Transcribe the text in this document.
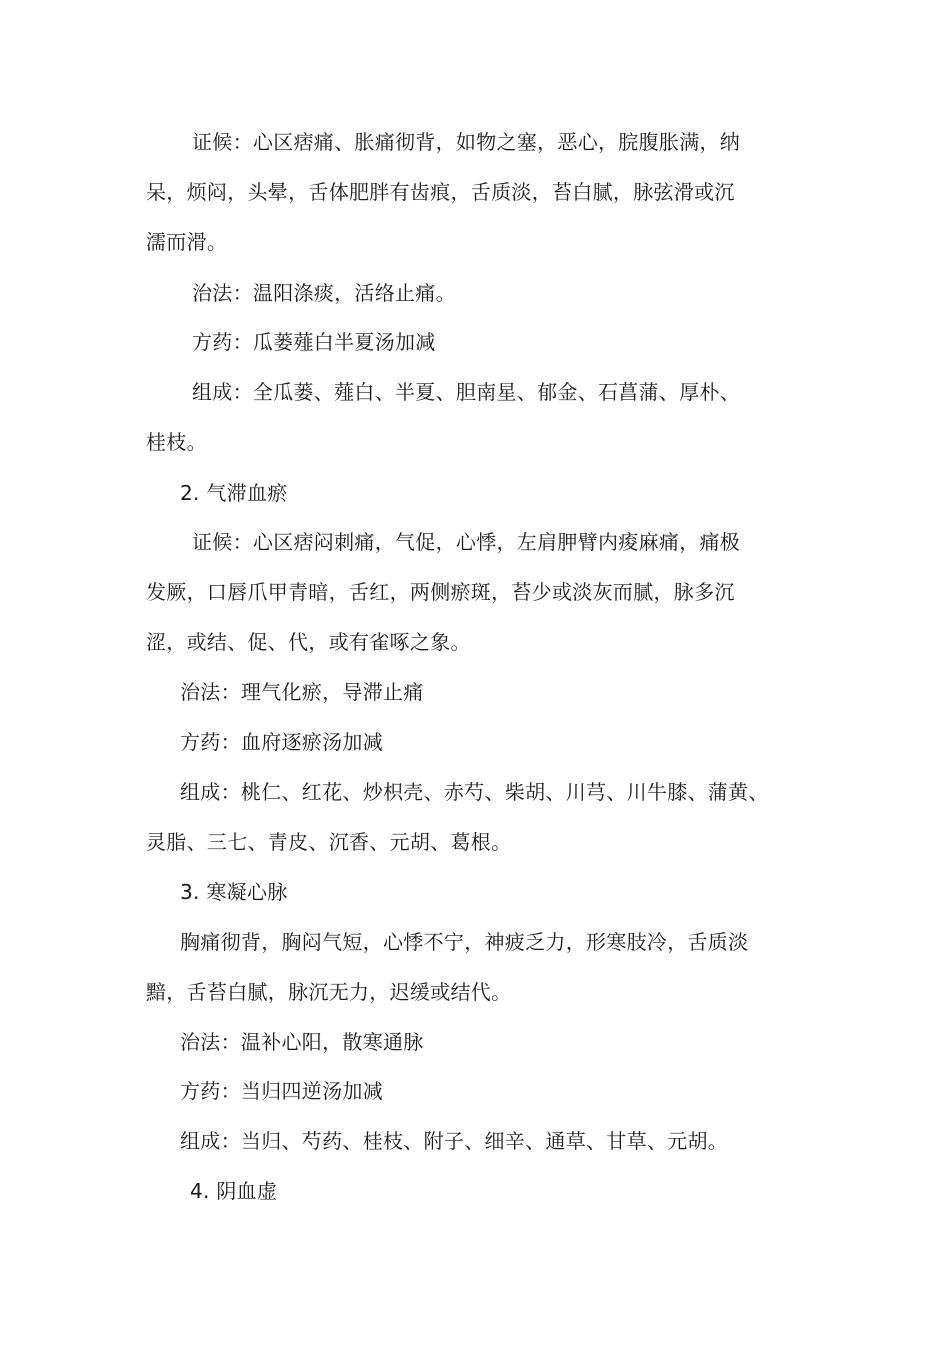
证候：心区痞痛、胀痛彻背，如物之塞，恶心，脘腹胀满，纳
呆，烦闷，头晕，舌体肥胖有齿痕，舌质淡，苔白腻，脉弦滑或沉
濡而滑。
治法：温阳涤痰，活络止痛。
方药：瓜蒌薤白半夏汤加减
组成：全瓜蒌、薤白、半夏、胆南星、郁金、石菖蒲、厚朴、
桂枝。
2. 气滞血瘀
证候：心区痞闷刺痛，气促，心悸，左肩胛臂内痠麻痛，痛极
发厥，口唇爪甲青暗，舌红，两侧瘀斑，苔少或淡灰而腻，脉多沉
涩，或结、促、代，或有雀啄之象。
治法：理气化瘀，导滞止痛
方药：血府逐瘀汤加减
组成：桃仁、红花、炒枳壳、赤芍、柴胡、川芎、川牛膝、蒲黄、
灵脂、三七、青皮、沉香、元胡、葛根。
3. 寒凝心脉
胸痛彻背，胸闷气短，心悸不宁，神疲乏力，形寒肢冷，舌质淡
黯，舌苔白腻，脉沉无力，迟缓或结代。
治法：温补心阳，散寒通脉
方药：当归四逆汤加减
组成：当归、芍药、桂枝、附子、细辛、通草、甘草、元胡。
4. 阴血虚
